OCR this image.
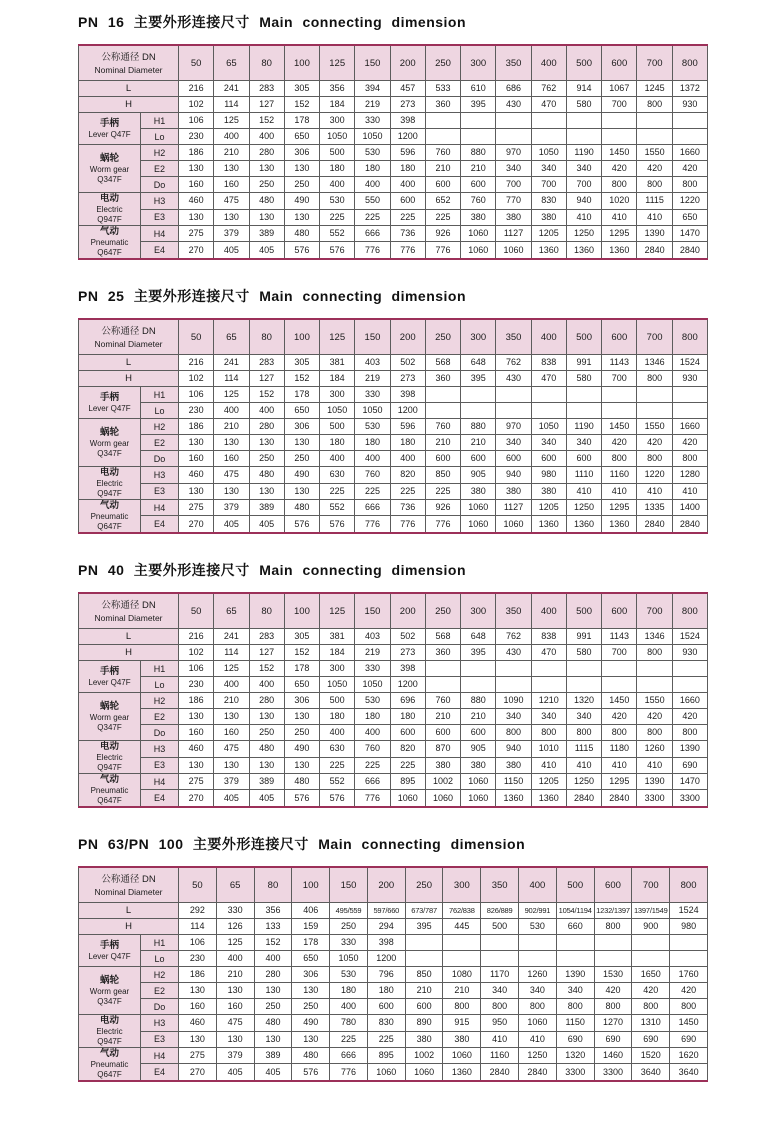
PN 16 主要外形连接尺寸 Main connecting dimension
公称通径 DN
Nominal Diameter		50	65	80	100	125	150	200	250	300	350	400	500	600	700	800
L		216	241	283	305	356	394	457	533	610	686	762	914	1067	1245	1372
H		102	114	127	152	184	219	273	360	395	430	470	580	700	800	930

手柄
Lever Q47F	H1	106	125	152	178	300	330	398								
	Lo	230	400	400	650	1050	1050	1200								

蜗轮
Worm gear
Q347F	H2	186	210	280	306	500	530	596	760	880	970	1050	1190	1450	1550	1660
	E2	130	130	130	130	180	180	180	210	210	340	340	340	420	420	420
	Do	160	160	250	250	400	400	400	600	600	700	700	700	800	800	800

电动
Electric
Q947F	H3	460	475	480	490	530	550	600	652	760	770	830	940	1020	1115	1220
	E3	130	130	130	130	225	225	225	225	380	380	380	410	410	410	650

气动
Pneumatic
Q647F	H4	275	379	389	480	552	666	736	926	1060	1127	1205	1250	1295	1390	1470
	E4	270	405	405	576	576	776	776	776	1060	1060	1360	1360	1360	2840	2840
PN 25 主要外形连接尺寸 Main connecting dimension
公称通径 DN
Nominal Diameter		50	65	80	100	125	150	200	250	300	350	400	500	600	700	800
L		216	241	283	305	381	403	502	568	648	762	838	991	1143	1346	1524
H		102	114	127	152	184	219	273	360	395	430	470	580	700	800	930

手柄
Lever Q47F	H1	106	125	152	178	300	330	398								
	Lo	230	400	400	650	1050	1050	1200								

蜗轮
Worm gear
Q347F	H2	186	210	280	306	500	530	596	760	880	970	1050	1190	1450	1550	1660
	E2	130	130	130	130	180	180	180	210	210	340	340	340	420	420	420
	Do	160	160	250	250	400	400	400	600	600	600	600	600	800	800	800

电动
Electric
Q947F	H3	460	475	480	490	630	760	820	850	905	940	980	1110	1160	1220	1280
	E3	130	130	130	130	225	225	225	225	380	380	380	410	410	410	410

气动
Pneumatic
Q647F	H4	275	379	389	480	552	666	736	926	1060	1127	1205	1250	1295	1335	1400
	E4	270	405	405	576	576	776	776	776	1060	1060	1360	1360	1360	2840	2840
PN 40 主要外形连接尺寸 Main connecting dimension
公称通径 DN
Nominal Diameter		50	65	80	100	125	150	200	250	300	350	400	500	600	700	800
L		216	241	283	305	381	403	502	568	648	762	838	991	1143	1346	1524
H		102	114	127	152	184	219	273	360	395	430	470	580	700	800	930

手柄
Lever Q47F	H1	106	125	152	178	300	330	398								
	Lo	230	400	400	650	1050	1050	1200								

蜗轮
Worm gear
Q347F	H2	186	210	280	306	500	530	696	760	880	1090	1210	1320	1450	1550	1660
	E2	130	130	130	130	180	180	180	210	210	340	340	340	420	420	420
	Do	160	160	250	250	400	400	600	600	600	800	800	800	800	800	800

电动
Electric
Q947F	H3	460	475	480	490	630	760	820	870	905	940	1010	1115	1180	1260	1390
	E3	130	130	130	130	225	225	225	380	380	380	410	410	410	410	690

气动
Pneumatic
Q647F	H4	275	379	389	480	552	666	895	1002	1060	1150	1205	1250	1295	1390	1470
	E4	270	405	405	576	576	776	1060	1060	1060	1360	1360	2840	2840	3300	3300
PN 63/PN 100 主要外形连接尺寸 Main connecting dimension
公称通径 DN
Nominal Diameter		50	65	80	100	150	200	250	300	350	400	500	600	700	800
L		292	330	356	406	495/559	597/660	673/787	762/838	826/889	902/991	1054/1194	1232/1397	1397/1549	1524
H		114	126	133	159	250	294	395	445	500	530	660	800	900	980

手柄
Lever Q47F	H1	106	125	152	178	330	398								
	Lo	230	400	400	650	1050	1200								

蜗轮
Worm gear
Q347F	H2	186	210	280	306	530	796	850	1080	1170	1260	1390	1530	1650	1760
	E2	130	130	130	130	180	180	210	210	340	340	340	420	420	420
	Do	160	160	250	250	400	600	600	800	800	800	800	800	800	800

电动
Electric
Q947F	H3	460	475	480	490	780	830	890	915	950	1060	1150	1270	1310	1450
	E3	130	130	130	130	225	225	380	380	410	410	690	690	690	690

气动
Pneumatic
Q647F	H4	275	379	389	480	666	895	1002	1060	1160	1250	1320	1460	1520	1620
	E4	270	405	405	576	776	1060	1060	1360	2840	2840	3300	3300	3640	3640
